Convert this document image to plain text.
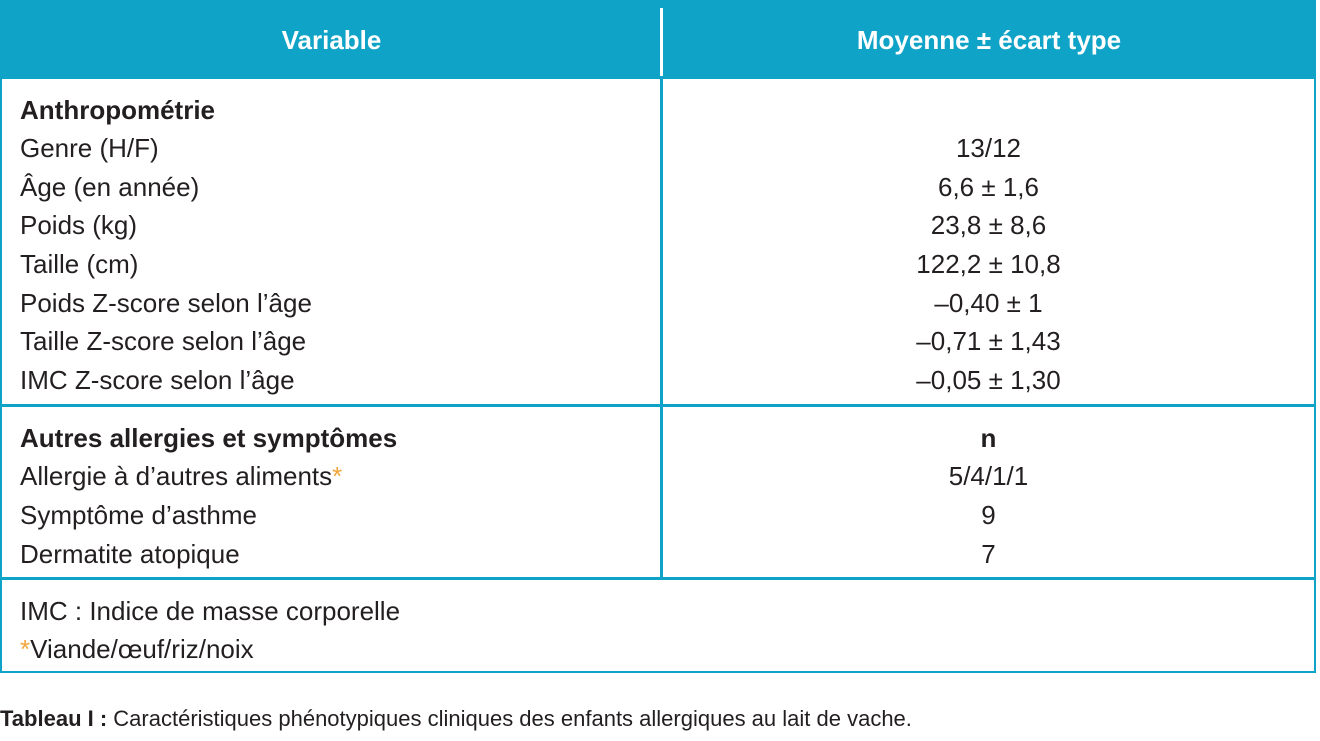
Variable	Moyenne ± écart type
Anthropométrie
Genre (H/F)	13/12
Âge (en année)	6,6 ± 1,6
Poids (kg)	23,8 ± 8,6
Taille (cm)	122,2 ± 10,8
Poids Z-score selon l’âge	–0,40 ± 1
Taille Z-score selon l’âge	–0,71 ± 1,43
IMC Z-score selon l’âge	–0,05 ± 1,30
Autres allergies et symptômes	n
Allergie à d’autres aliments*	5/4/1/1
Symptôme d’asthme	9
Dermatite atopique	7
IMC : Indice de masse corporelle
*Viande/œuf/riz/noix
Tableau I : Caractéristiques phénotypiques cliniques des enfants allergiques au lait de vache.
